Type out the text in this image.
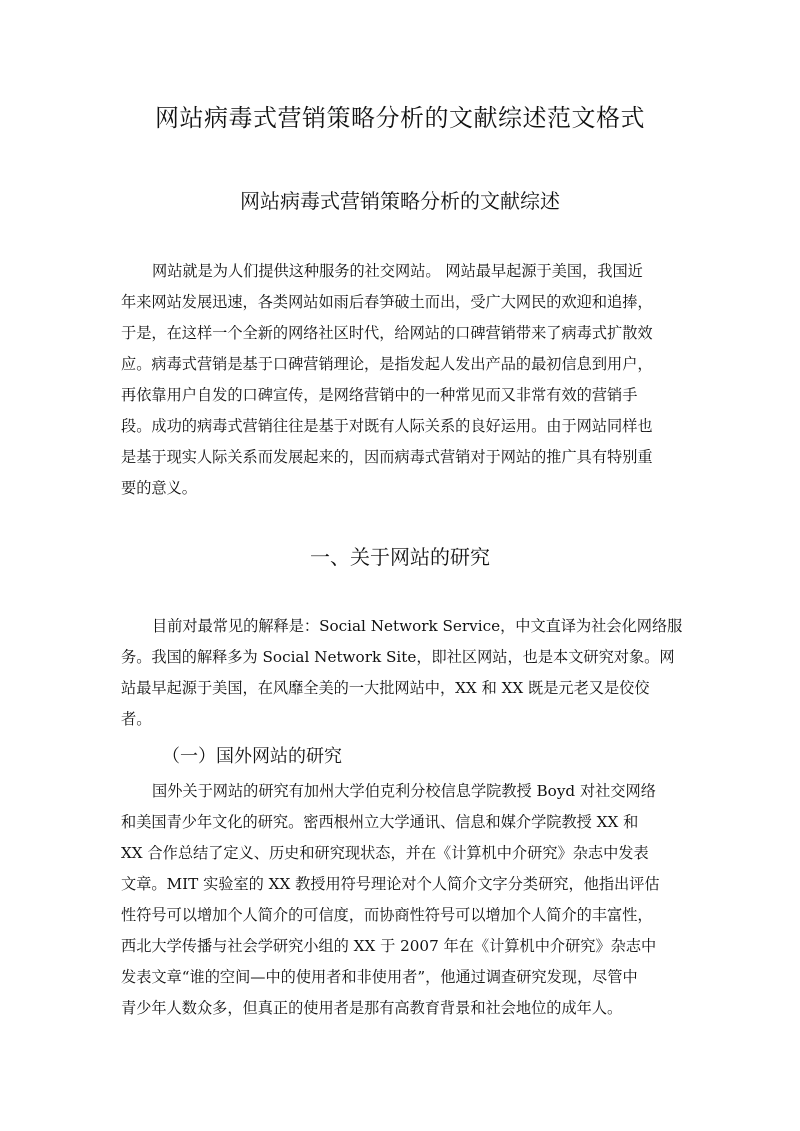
网站病毒式营销策略分析的文献综述范文格式
网站病毒式营销策略分析的文献综述

网站就是为人们提供这种服务的社交网站。 网站最早起源于美国，我国近
年来网站发展迅速，各类网站如雨后春笋破土而出，受广大网民的欢迎和追捧，
于是，在这样一个全新的网络社区时代，给网站的口碑营销带来了病毒式扩散效
应。病毒式营销是基于口碑营销理论，是指发起人发出产品的最初信息到用户，
再依靠用户自发的口碑宣传，是网络营销中的一种常见而又非常有效的营销手
段。成功的病毒式营销往往是基于对既有人际关系的良好运用。由于网站同样也
是基于现实人际关系而发展起来的，因而病毒式营销对于网站的推广具有特别重
要的意义。

一、关于网站的研究

目前对最常见的解释是：Social Network Service，中文直译为社会化网络服
务。我国的解释多为 Social Network Site，即社区网站，也是本文研究对象。网
站最早起源于美国，在风靡全美的一大批网站中，XX 和 XX 既是元老又是佼佼
者。

（一）国外网站的研究

国外关于网站的研究有加州大学伯克利分校信息学院教授 Boyd 对社交网络
和美国青少年文化的研究。密西根州立大学通讯、信息和媒介学院教授 XX 和
XX 合作总结了定义、历史和研究现状态，并在《计算机中介研究》杂志中发表
文章。MIT 实验室的 XX 教授用符号理论对个人简介文字分类研究，他指出评估
性符号可以增加个人简介的可信度，而协商性符号可以增加个人简介的丰富性，
西北大学传播与社会学研究小组的 XX 于 2007 年在《计算机中介研究》杂志中
发表文章“谁的空间—中的使用者和非使用者”，他通过调查研究发现，尽管中
青少年人数众多，但真正的使用者是那有高教育背景和社会地位的成年人。
